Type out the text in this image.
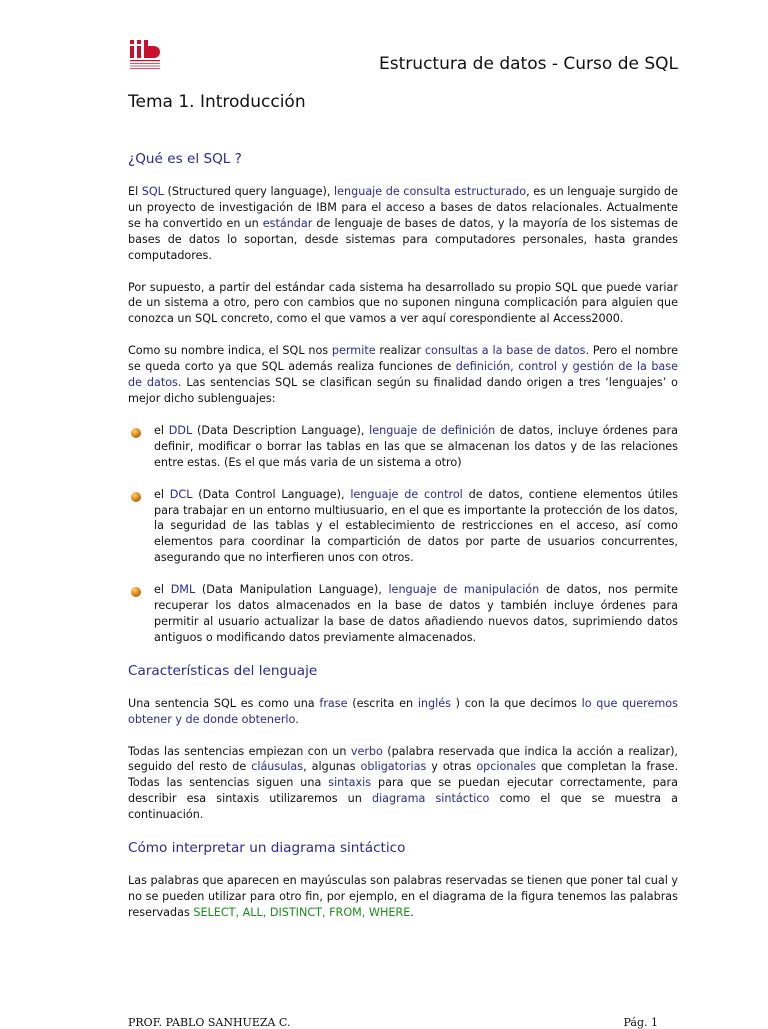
Estructura de datos - Curso de SQL
Tema 1. Introducción
¿Qué es el SQL ?

El SQL (Structured query language), lenguaje de consulta estructurado, es un lenguaje surgido de un proyecto de investigación de IBM para el acceso a bases de datos relacionales. Actualmente se ha convertido en un estándar de lenguaje de bases de datos, y la mayoría de los sistemas de bases de datos lo soportan, desde sistemas para computadores personales, hasta grandes computadores.

Por supuesto, a partir del estándar cada sistema ha desarrollado su propio SQL que puede variar de un sistema a otro, pero con cambios que no suponen ninguna complicación para alguien que conozca un SQL concreto, como el que vamos a ver aquí corespondiente al Access2000.

Como su nombre indica, el SQL nos permite realizar consultas a la base de datos. Pero el nombre se queda corto ya que SQL además realiza funciones de definición, control y gestión de la base de datos. Las sentencias SQL se clasifican según su finalidad dando origen a tres ‘lenguajes’ o mejor dicho sublenguajes:

el DDL (Data Description Language), lenguaje de definición de datos, incluye órdenes para definir, modificar o borrar las tablas en las que se almacenan los datos y de las relaciones entre estas. (Es el que más varia de un sistema a otro)
el DCL (Data Control Language), lenguaje de control de datos, contiene elementos útiles para trabajar en un entorno multiusuario, en el que es importante la protección de los datos, la seguridad de las tablas y el establecimiento de restricciones en el acceso, así como elementos para coordinar la compartición de datos por parte de usuarios concurrentes, asegurando que no interfieren unos con otros.
el DML (Data Manipulation Language), lenguaje de manipulación de datos, nos permite recuperar los datos almacenados en la base de datos y también incluye órdenes para permitir al usuario actualizar la base de datos añadiendo nuevos datos, suprimiendo datos antiguos o modificando datos previamente almacenados.
Características del lenguaje

Una sentencia SQL es como una frase (escrita en inglés ) con la que decimos lo que queremos obtener y de donde obtenerlo.

Todas las sentencias empiezan con un verbo (palabra reservada que indica la acción a realizar), seguido del resto de cláusulas, algunas obligatorias y otras opcionales que completan la frase. Todas las sentencias siguen una sintaxis para que se puedan ejecutar correctamente, para describir esa sintaxis utilizaremos un diagrama sintáctico como el que se muestra a continuación.

Cómo interpretar un diagrama sintáctico

Las palabras que aparecen en mayúsculas son palabras reservadas se tienen que poner tal cual y no se pueden utilizar para otro fin, por ejemplo, en el diagrama de la figura tenemos las palabras reservadas SELECT, ALL, DISTINCT, FROM, WHERE.

PROF. PABLO SANHUEZA C.	Pág. 1
